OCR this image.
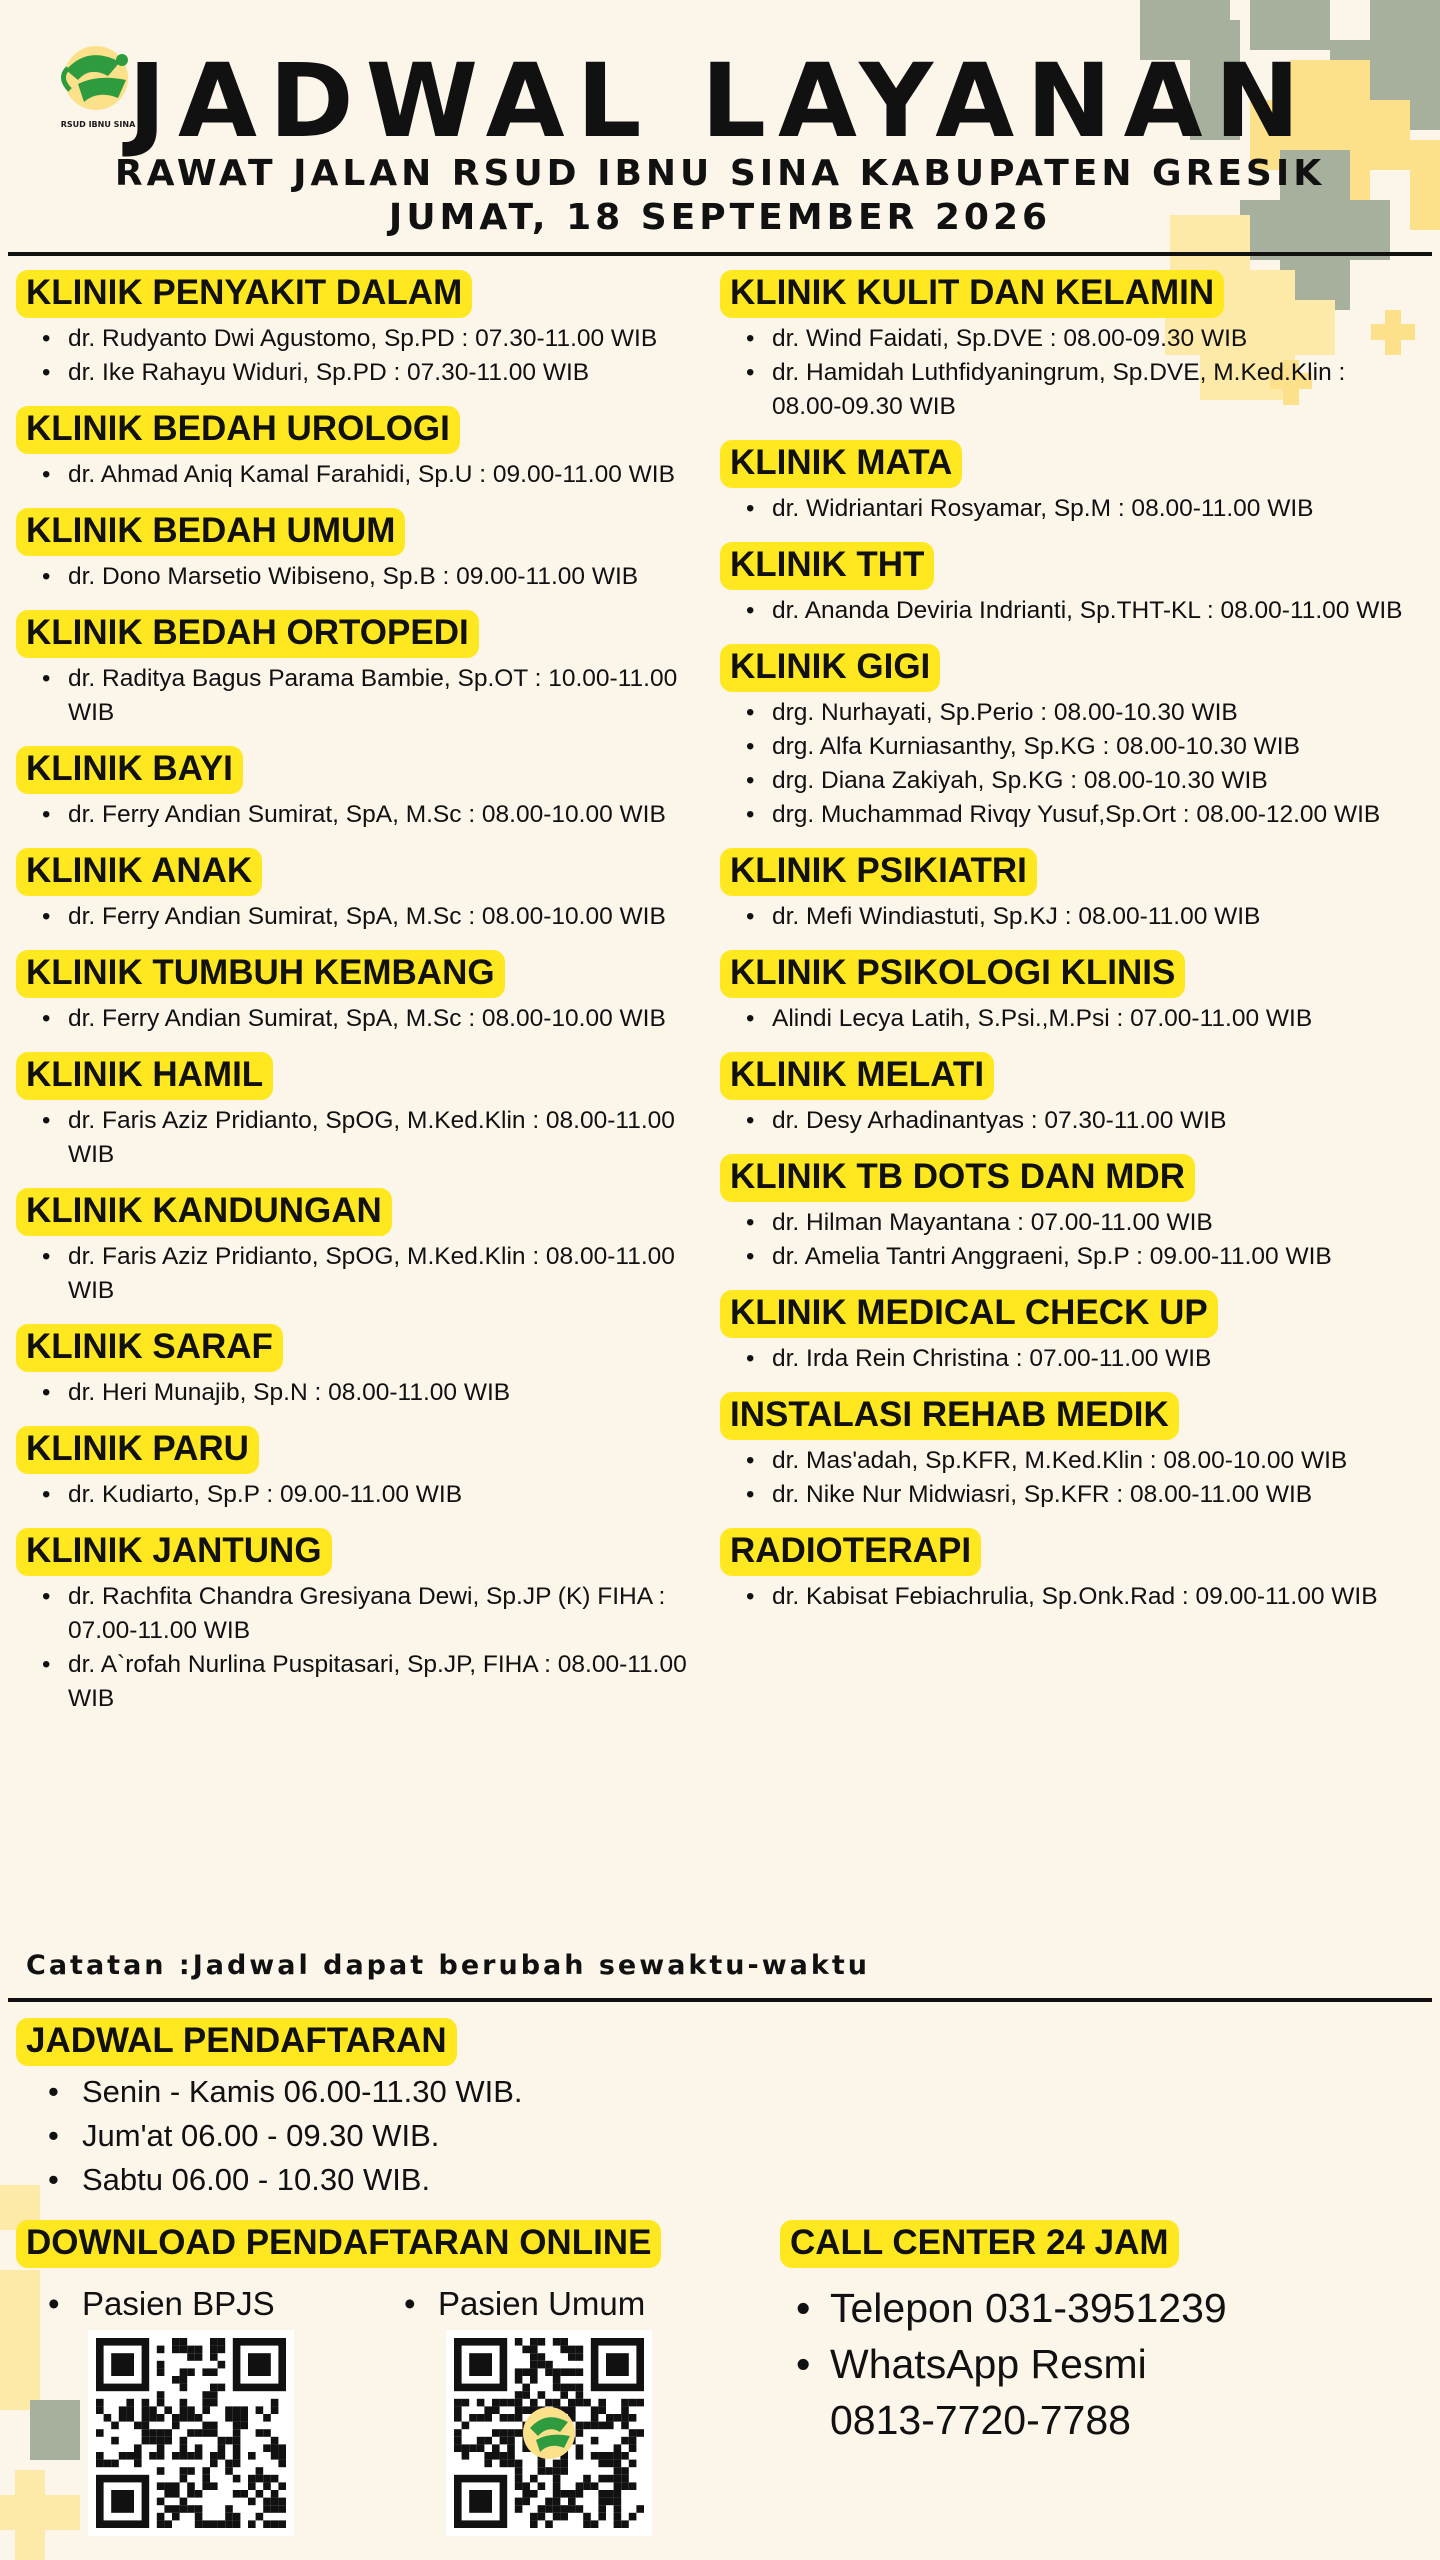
RSUD IBNU SINA
JADWAL LAYANAN
RAWAT JALAN RSUD IBNU SINA KABUPATEN GRESIK
JUMAT, 18 SEPTEMBER 2026
KLINIK PENYAKIT DALAM
• dr. Rudyanto Dwi Agustomo, Sp.PD : 07.30-11.00 WIB
• dr. Ike Rahayu Widuri, Sp.PD : 07.30-11.00 WIB
KLINIK BEDAH UROLOGI
• dr. Ahmad Aniq Kamal Farahidi, Sp.U : 09.00-11.00 WIB
KLINIK BEDAH UMUM
• dr. Dono Marsetio Wibiseno, Sp.B : 09.00-11.00 WIB
KLINIK BEDAH ORTOPEDI
• dr. Raditya Bagus Parama Bambie, Sp.OT : 10.00-11.00 WIB
KLINIK BAYI
• dr. Ferry Andian Sumirat, SpA, M.Sc : 08.00-10.00 WIB
KLINIK ANAK
• dr. Ferry Andian Sumirat, SpA, M.Sc : 08.00-10.00 WIB
KLINIK TUMBUH KEMBANG
• dr. Ferry Andian Sumirat, SpA, M.Sc : 08.00-10.00 WIB
KLINIK HAMIL
• dr. Faris Aziz Pridianto, SpOG, M.Ked.Klin : 08.00-11.00 WIB
KLINIK KANDUNGAN
• dr. Faris Aziz Pridianto, SpOG, M.Ked.Klin : 08.00-11.00 WIB
KLINIK SARAF
• dr. Heri Munajib, Sp.N : 08.00-11.00 WIB
KLINIK PARU
• dr. Kudiarto, Sp.P : 09.00-11.00 WIB
KLINIK JANTUNG
• dr. Rachfita Chandra Gresiyana Dewi, Sp.JP (K) FIHA : 07.00-11.00 WIB
• dr. A`rofah Nurlina Puspitasari, Sp.JP, FIHA : 08.00-11.00 WIB
KLINIK KULIT DAN KELAMIN
• dr. Wind Faidati, Sp.DVE : 08.00-09.30 WIB
• dr. Hamidah Luthfidyaningrum, Sp.DVE, M.Ked.Klin : 08.00-09.30 WIB
KLINIK MATA
• dr. Widriantari Rosyamar, Sp.M : 08.00-11.00 WIB
KLINIK THT
• dr. Ananda Deviria Indrianti, Sp.THT-KL : 08.00-11.00 WIB
KLINIK GIGI
• drg. Nurhayati, Sp.Perio : 08.00-10.30 WIB
• drg. Alfa Kurniasanthy, Sp.KG : 08.00-10.30 WIB
• drg. Diana Zakiyah, Sp.KG : 08.00-10.30 WIB
• drg. Muchammad Rivqy Yusuf,Sp.Ort : 08.00-12.00 WIB
KLINIK PSIKIATRI
• dr. Mefi Windiastuti, Sp.KJ : 08.00-11.00 WIB
KLINIK PSIKOLOGI KLINIS
• Alindi Lecya Latih, S.Psi.,M.Psi : 07.00-11.00 WIB
KLINIK MELATI
• dr. Desy Arhadinantyas : 07.30-11.00 WIB
KLINIK TB DOTS DAN MDR
• dr. Hilman Mayantana : 07.00-11.00 WIB
• dr. Amelia Tantri Anggraeni, Sp.P : 09.00-11.00 WIB
KLINIK MEDICAL CHECK UP
• dr. Irda Rein Christina : 07.00-11.00 WIB
INSTALASI REHAB MEDIK
• dr. Mas'adah, Sp.KFR, M.Ked.Klin : 08.00-10.00 WIB
• dr. Nike Nur Midwiasri, Sp.KFR : 08.00-11.00 WIB
RADIOTERAPI
• dr. Kabisat Febiachrulia, Sp.Onk.Rad : 09.00-11.00 WIB
Catatan :Jadwal dapat berubah sewaktu-waktu
JADWAL PENDAFTARAN
• Senin - Kamis 06.00-11.30 WIB.
• Jum'at 06.00 - 09.30 WIB.
• Sabtu 06.00 - 10.30 WIB.
DOWNLOAD PENDAFTARAN ONLINE
• Pasien BPJS
•	Pasien Umum
CALL CENTER 24 JAM
• Telepon 031-3951239
• WhatsApp Resmi
0813-7720-7788
